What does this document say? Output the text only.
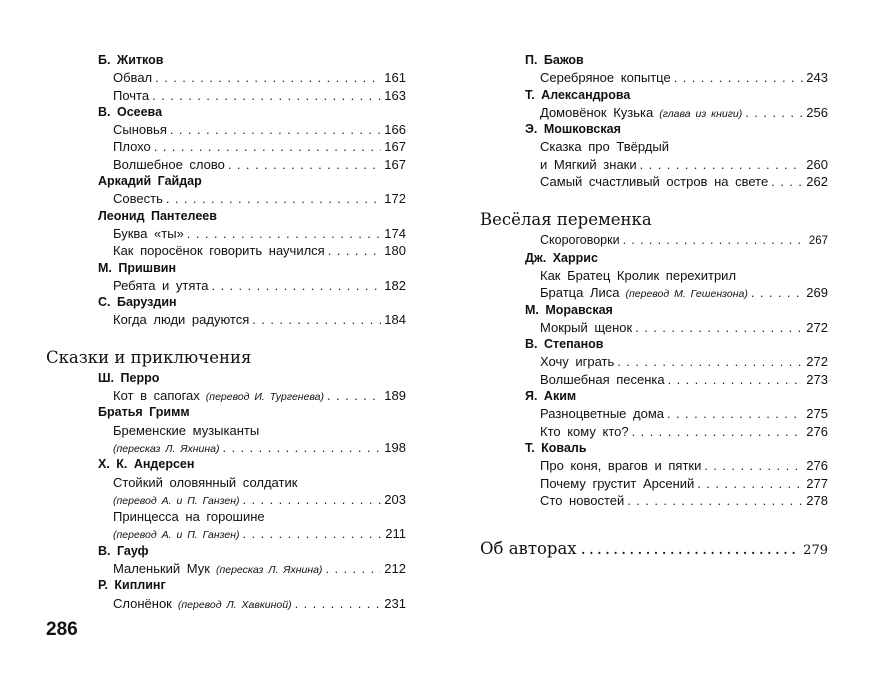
Б. Житков
Обвал . . .	161
Почта . . .	163
В. Осеева
Сыновья . . .	166
Плохо . . .	167
Волшебное слово . . .	167
Аркадий Гайдар
Совесть . . .	172
Леонид Пантелеев
Буква «ты» . . .	174
Как поросёнок говорить научился . . .	180
М. Пришвин
Ребята и утята . . .	182
С. Баруздин
Когда люди радуются . . .	184
Сказки и приключения
Ш. Перро
Кот в сапогах (перевод И. Тургенева) . . .	189
Братья Гримм
Бременские музыканты
(пересказ Л. Яхнина) . . .	198
Х. К. Андерсен
Стойкий оловянный солдатик
(перевод А. и П. Ганзен) . . .	203
Принцесса на горошине
(перевод А. и П. Ганзен) . . .	211
В. Гауф
Маленький Мук (пересказ Л. Яхнина) . . .	212
Р. Киплинг
Слонёнок (перевод Л. Хавкиной) . . .	231
П. Бажов
Серебряное копытце . . .	243
Т. Александрова
Домовёнок Кузька (глава из книги) . . .	256
Э. Мошковская
Сказка про Твёрдый
и Мягкий знаки . . .	260
Самый счастливый остров на свете . . .	262
Весёлая переменка
Скороговорки . . .	267
Дж. Харрис
Как Братец Кролик перехитрил
Братца Лиса (перевод М. Гешензона) . . .	269
М. Моравская
Мокрый щенок . . .	272
В. Степанов
Хочу играть . . .	272
Волшебная песенка . . .	273
Я. Аким
Разноцветные дома . . .	275
Кто кому кто? . . .	276
Т. Коваль
Про коня, врагов и пятки . . .	276
Почему грустит Арсений . . .	277
Сто новостей . . .	278
Об авторах . . .	279
286
